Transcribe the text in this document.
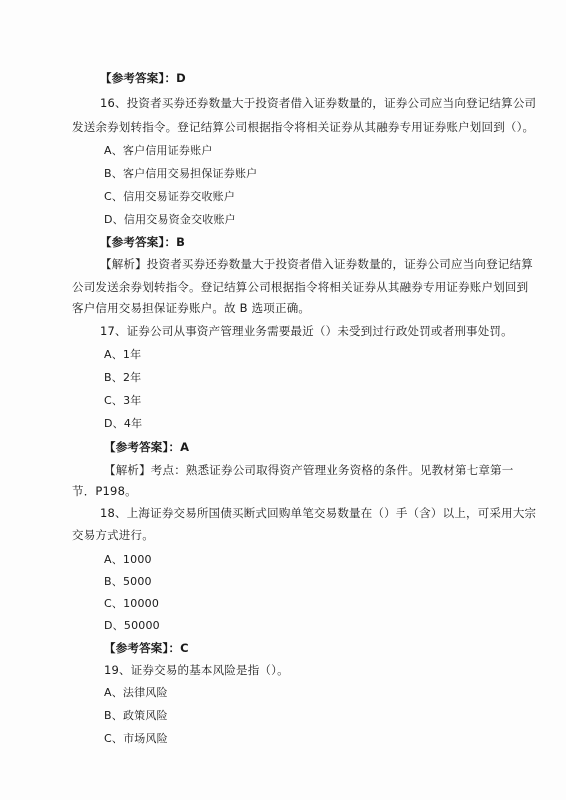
【参考答案】：D
16、投资者买券还券数量大于投资者借入证券数量的，证券公司应当向登记结算公司
发送余券划转指令。登记结算公司根据指令将相关证券从其融券专用证券账户划回到（）。
A、客户信用证券账户
B、客户信用交易担保证券账户
C、信用交易证券交收账户
D、信用交易资金交收账户
【参考答案】：B
【解析】投资者买券还券数量大于投资者借入证券数量的，证券公司应当向登记结算
公司发送余券划转指令。登记结算公司根据指令将相关证券从其融券专用证券账户划回到
客户信用交易担保证券账户。故 B 选项正确。
17、证券公司从事资产管理业务需要最近（）未受到过行政处罚或者刑事处罚。
A、1年
B、2年
C、3年
D、4年
【参考答案】：A
【解析】考点：熟悉证券公司取得资产管理业务资格的条件。见教材第七章第一
节．P198。
18、上海证券交易所国债买断式回购单笔交易数量在（）手（含）以上，可采用大宗
交易方式进行。
A、1000
B、5000
C、10000
D、50000
【参考答案】：C
19、证券交易的基本风险是指（）。
A、法律风险
B、政策风险
C、市场风险
